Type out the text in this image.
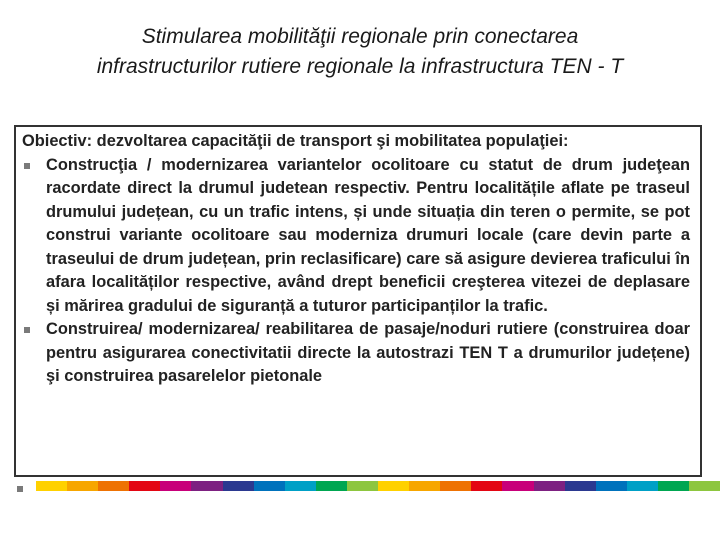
Stimularea mobilităţii regionale prin conectarea
infrastructurilor rutiere regionale la infrastructura TEN - T
Obiectiv: dezvoltarea capacităţii de transport şi mobilitatea populaţiei:
Construcţia / modernizarea variantelor ocolitoare cu statut de drum judeţean racordate direct la drumul judetean respectiv. Pentru localitățile aflate pe traseul drumului județean, cu un trafic intens, și unde situația din teren o permite, se pot construi variante ocolitoare sau moderniza drumuri locale (care devin parte a traseului de drum județean, prin reclasificare) care să asigure devierea traficului în afara localităților respective, având drept beneficii creşterea vitezei de deplasare și mărirea gradului de siguranță a tuturor participanților la trafic.
Construirea/ modernizarea/ reabilitarea de pasaje/noduri rutiere (construirea doar pentru asigurarea conectivitatii directe la autostrazi TEN T a drumurilor județene) şi construirea pasarelelor pietonale
